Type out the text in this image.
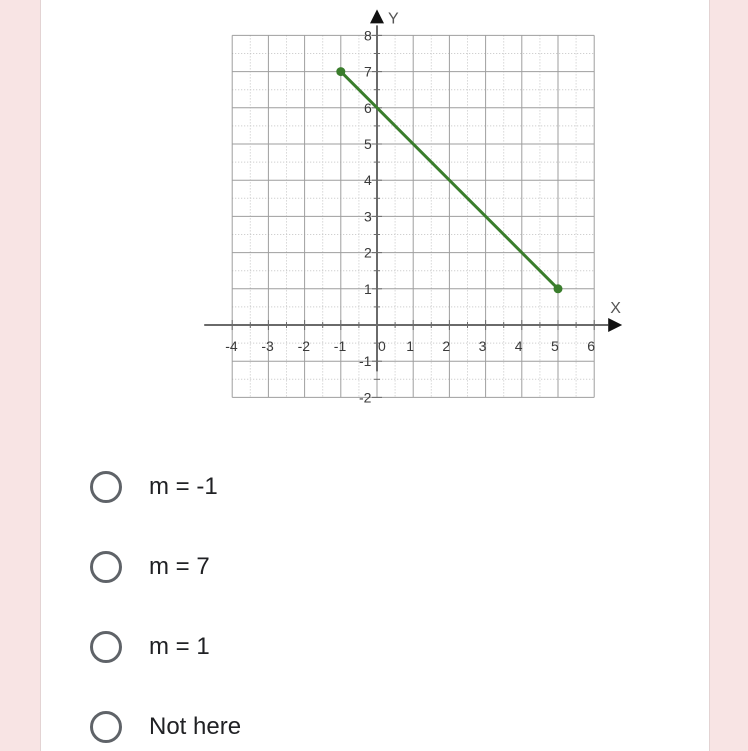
-4 -3 -2 -1 0 1 2 3 4 5 6
-2
-1
1
2
3
4
5
6
7
8
X
Y
m = -1
m = 7
m = 1
Not here
